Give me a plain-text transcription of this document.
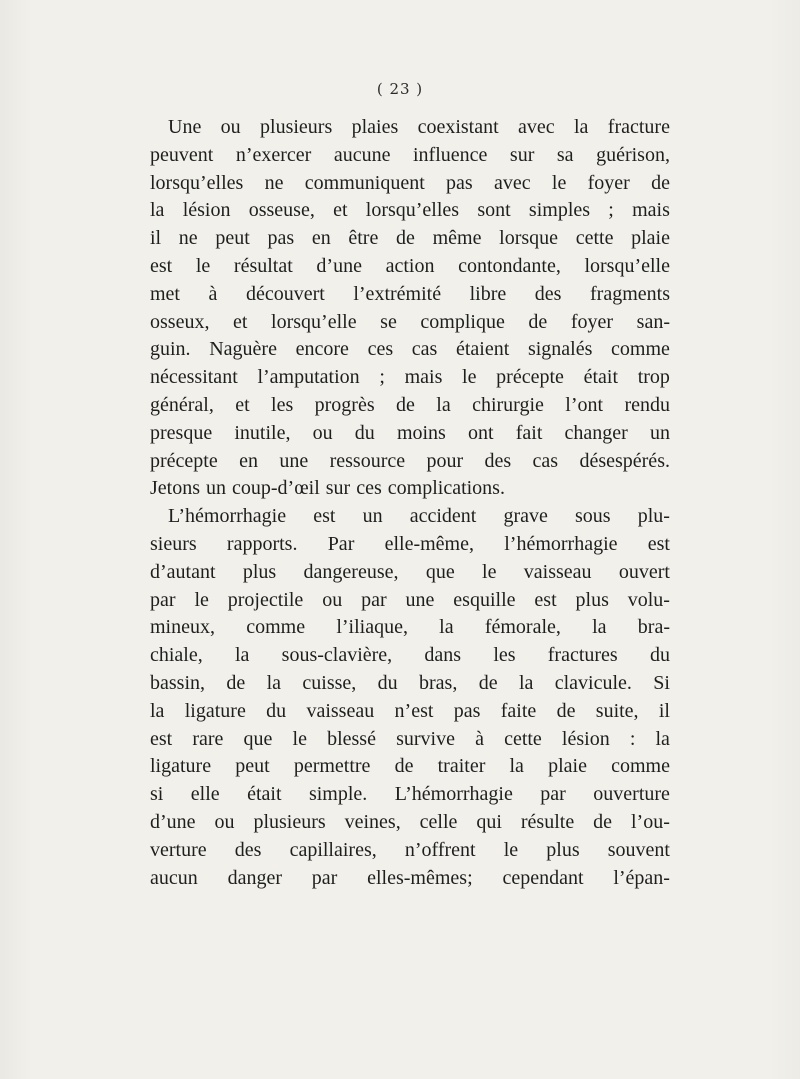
( 23 )
Une ou plusieurs plaies coexistant avec la fracture
peuvent n’exercer aucune influence sur sa guérison,
lorsqu’elles ne communiquent pas avec le foyer de
la lésion osseuse, et lorsqu’elles sont simples ; mais
il ne peut pas en être de même lorsque cette plaie
est le résultat d’une action contondante, lorsqu’elle
met à découvert l’extrémité libre des fragments
osseux, et lorsqu’elle se complique de foyer san-
guin. Naguère encore ces cas étaient signalés comme
nécessitant l’amputation ; mais le précepte était trop
général, et les progrès de la chirurgie l’ont rendu
presque inutile, ou du moins ont fait changer un
précepte en une ressource pour des cas désespérés.
Jetons un coup-d’œil sur ces complications.
L’hémorrhagie est un accident grave sous plu-
sieurs rapports. Par elle-même, l’hémorrhagie est
d’autant plus dangereuse, que le vaisseau ouvert
par le projectile ou par une esquille est plus volu-
mineux, comme l’iliaque, la fémorale, la bra-
chiale, la sous-clavière, dans les fractures du
bassin, de la cuisse, du bras, de la clavicule. Si
la ligature du vaisseau n’est pas faite de suite, il
est rare que le blessé survive à cette lésion : la
ligature peut permettre de traiter la plaie comme
si elle était simple. L’hémorrhagie par ouverture
d’une ou plusieurs veines, celle qui résulte de l’ou-
verture des capillaires, n’offrent le plus souvent
aucun danger par elles-mêmes; cependant l’épan-
